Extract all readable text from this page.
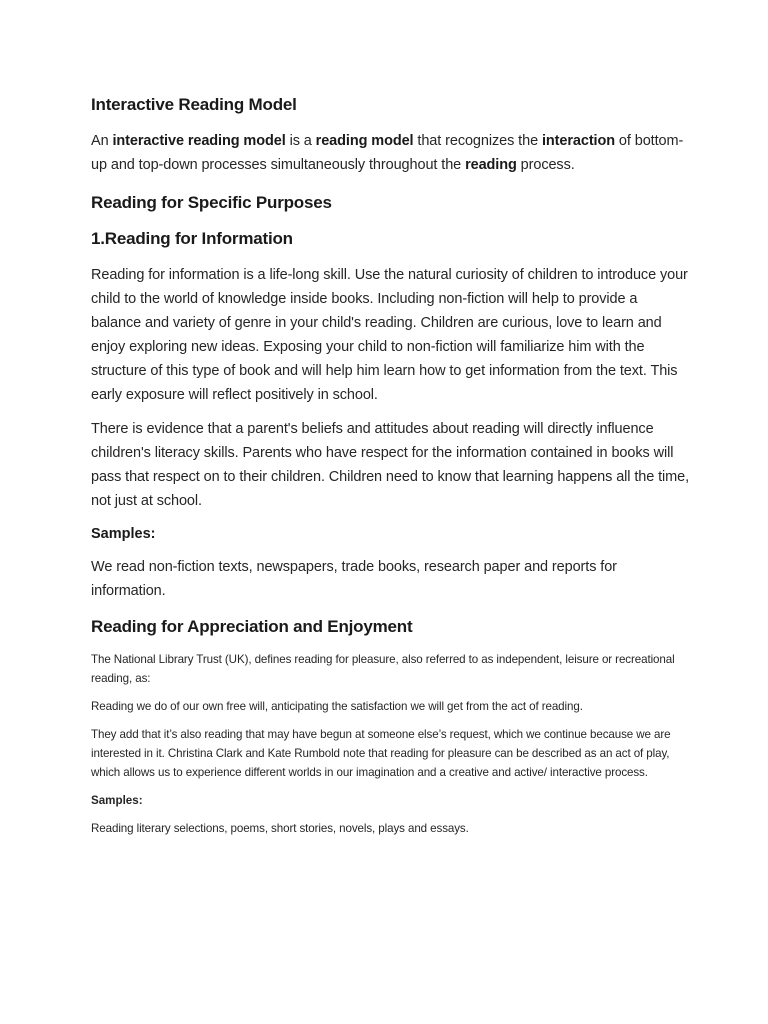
Interactive Reading Model

An interactive reading model is a reading model that recognizes the interaction of bottom-up and top-down processes simultaneously throughout the reading process.

Reading for Specific Purposes
1.Reading for Information

Reading for information is a life-long skill. Use the natural curiosity of children to introduce your child to the world of knowledge inside books. Including non-fiction will help to provide a balance and variety of genre in your child's reading. Children are curious, love to learn and enjoy exploring new ideas. Exposing your child to non-fiction will familiarize him with the structure of this type of book and will help him learn how to get information from the text. This early exposure will reflect positively in school.

There is evidence that a parent's beliefs and attitudes about reading will directly influence children's literacy skills. Parents who have respect for the information contained in books will pass that respect on to their children. Children need to know that learning happens all the time, not just at school.

Samples:

We read non-fiction texts, newspapers, trade books, research paper and reports for information.

Reading for Appreciation and Enjoyment

The National Library Trust (UK), defines reading for pleasure, also referred to as independent, leisure or recreational reading, as:

Reading we do of our own free will, anticipating the satisfaction we will get from the act of reading.

They add that it’s also reading that may have begun at someone else’s request, which we continue because we are interested in it. Christina Clark and Kate Rumbold note that reading for pleasure can be described as an act of play, which allows us to experience different worlds in our imagination and a creative and active/ interactive process.

Samples:

Reading literary selections, poems, short stories, novels, plays and essays.
